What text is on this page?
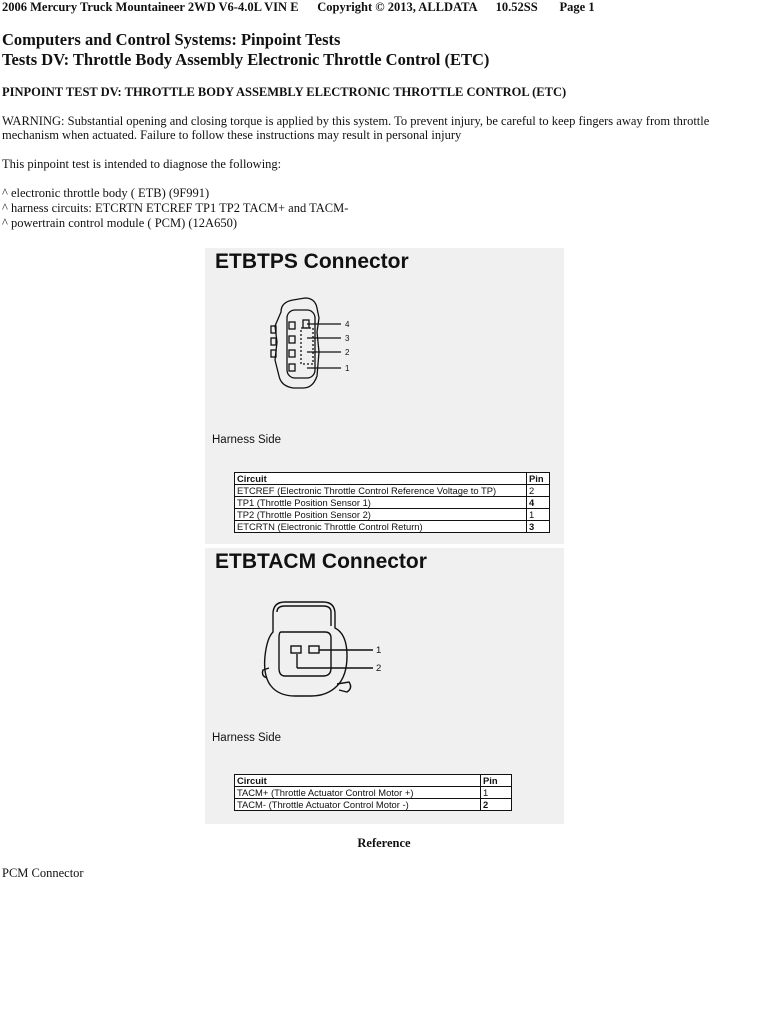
2006 Mercury Truck Mountaineer 2WD V6-4.0L VIN E      Copyright © 2013, ALLDATA      10.52SS       Page 1
Computers and Control Systems: Pinpoint Tests
Tests DV: Throttle Body Assembly Electronic Throttle Control (ETC)
PINPOINT TEST DV: THROTTLE BODY ASSEMBLY ELECTRONIC THROTTLE CONTROL (ETC)
WARNING: Substantial opening and closing torque is applied by this system. To prevent injury, be careful to keep fingers away from throttle
mechanism when actuated. Failure to follow these instructions may result in personal injury
This pinpoint test is intended to diagnose the following:
^ electronic throttle body ( ETB) (9F991)
^ harness circuits: ETCRTN ETCREF TP1 TP2 TACM+ and TACM-
^ powertrain control module ( PCM) (12A650)
ETBTPS Connector
4
3
2
1
Harness Side
Circuit	Pin
ETCREF (Electronic Throttle Control Reference Voltage to TP)	2
TP1 (Throttle Position Sensor 1)	4
TP2 (Throttle Position Sensor 2)	1
ETCRTN (Electronic Throttle Control Return)	3
ETBTACM Connector
1
2
Harness Side
Circuit	Pin
TACM+ (Throttle Actuator Control Motor +)	1
TACM- (Throttle Actuator Control Motor -)	2
Reference
PCM Connector
